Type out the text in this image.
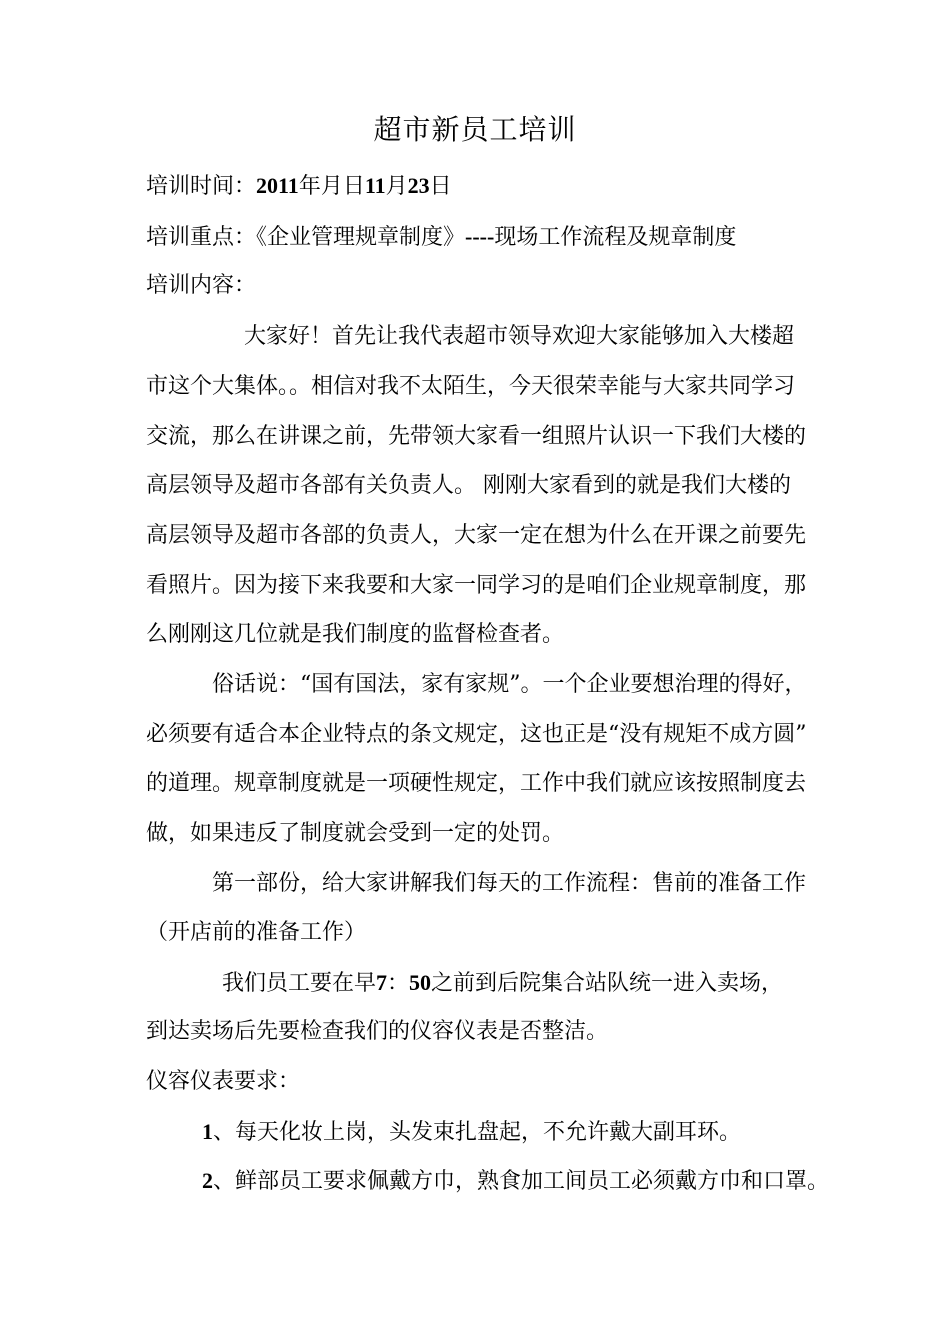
超市新员工培训
培训时间：2011年月日11月23日
培训重点：《企业管理规章制度》----现场工作流程及规章制度
培训内容：
大家好！首先让我代表超市领导欢迎大家能够加入大楼超
市这个大集体。。相信对我不太陌生，今天很荣幸能与大家共同学习
交流，那么在讲课之前，先带领大家看一组照片认识一下我们大楼的
高层领导及超市各部有关负责人。 刚刚大家看到的就是我们大楼的
高层领导及超市各部的负责人，大家一定在想为什么在开课之前要先
看照片。因为接下来我要和大家一同学习的是咱们企业规章制度，那
么刚刚这几位就是我们制度的监督检查者。
俗话说：“国有国法，家有家规”。一个企业要想治理的得好，
必须要有适合本企业特点的条文规定，这也正是“没有规矩不成方圆”
的道理。规章制度就是一项硬性规定，工作中我们就应该按照制度去
做，如果违反了制度就会受到一定的处罚。
第一部份，给大家讲解我们每天的工作流程：售前的准备工作
（开店前的准备工作）
我们员工要在早7：50之前到后院集合站队统一进入卖场，
到达卖场后先要检查我们的仪容仪表是否整洁。
仪容仪表要求：
1、每天化妆上岗，头发束扎盘起，不允许戴大副耳环。
2、鲜部员工要求佩戴方巾，熟食加工间员工必须戴方巾和口罩。
